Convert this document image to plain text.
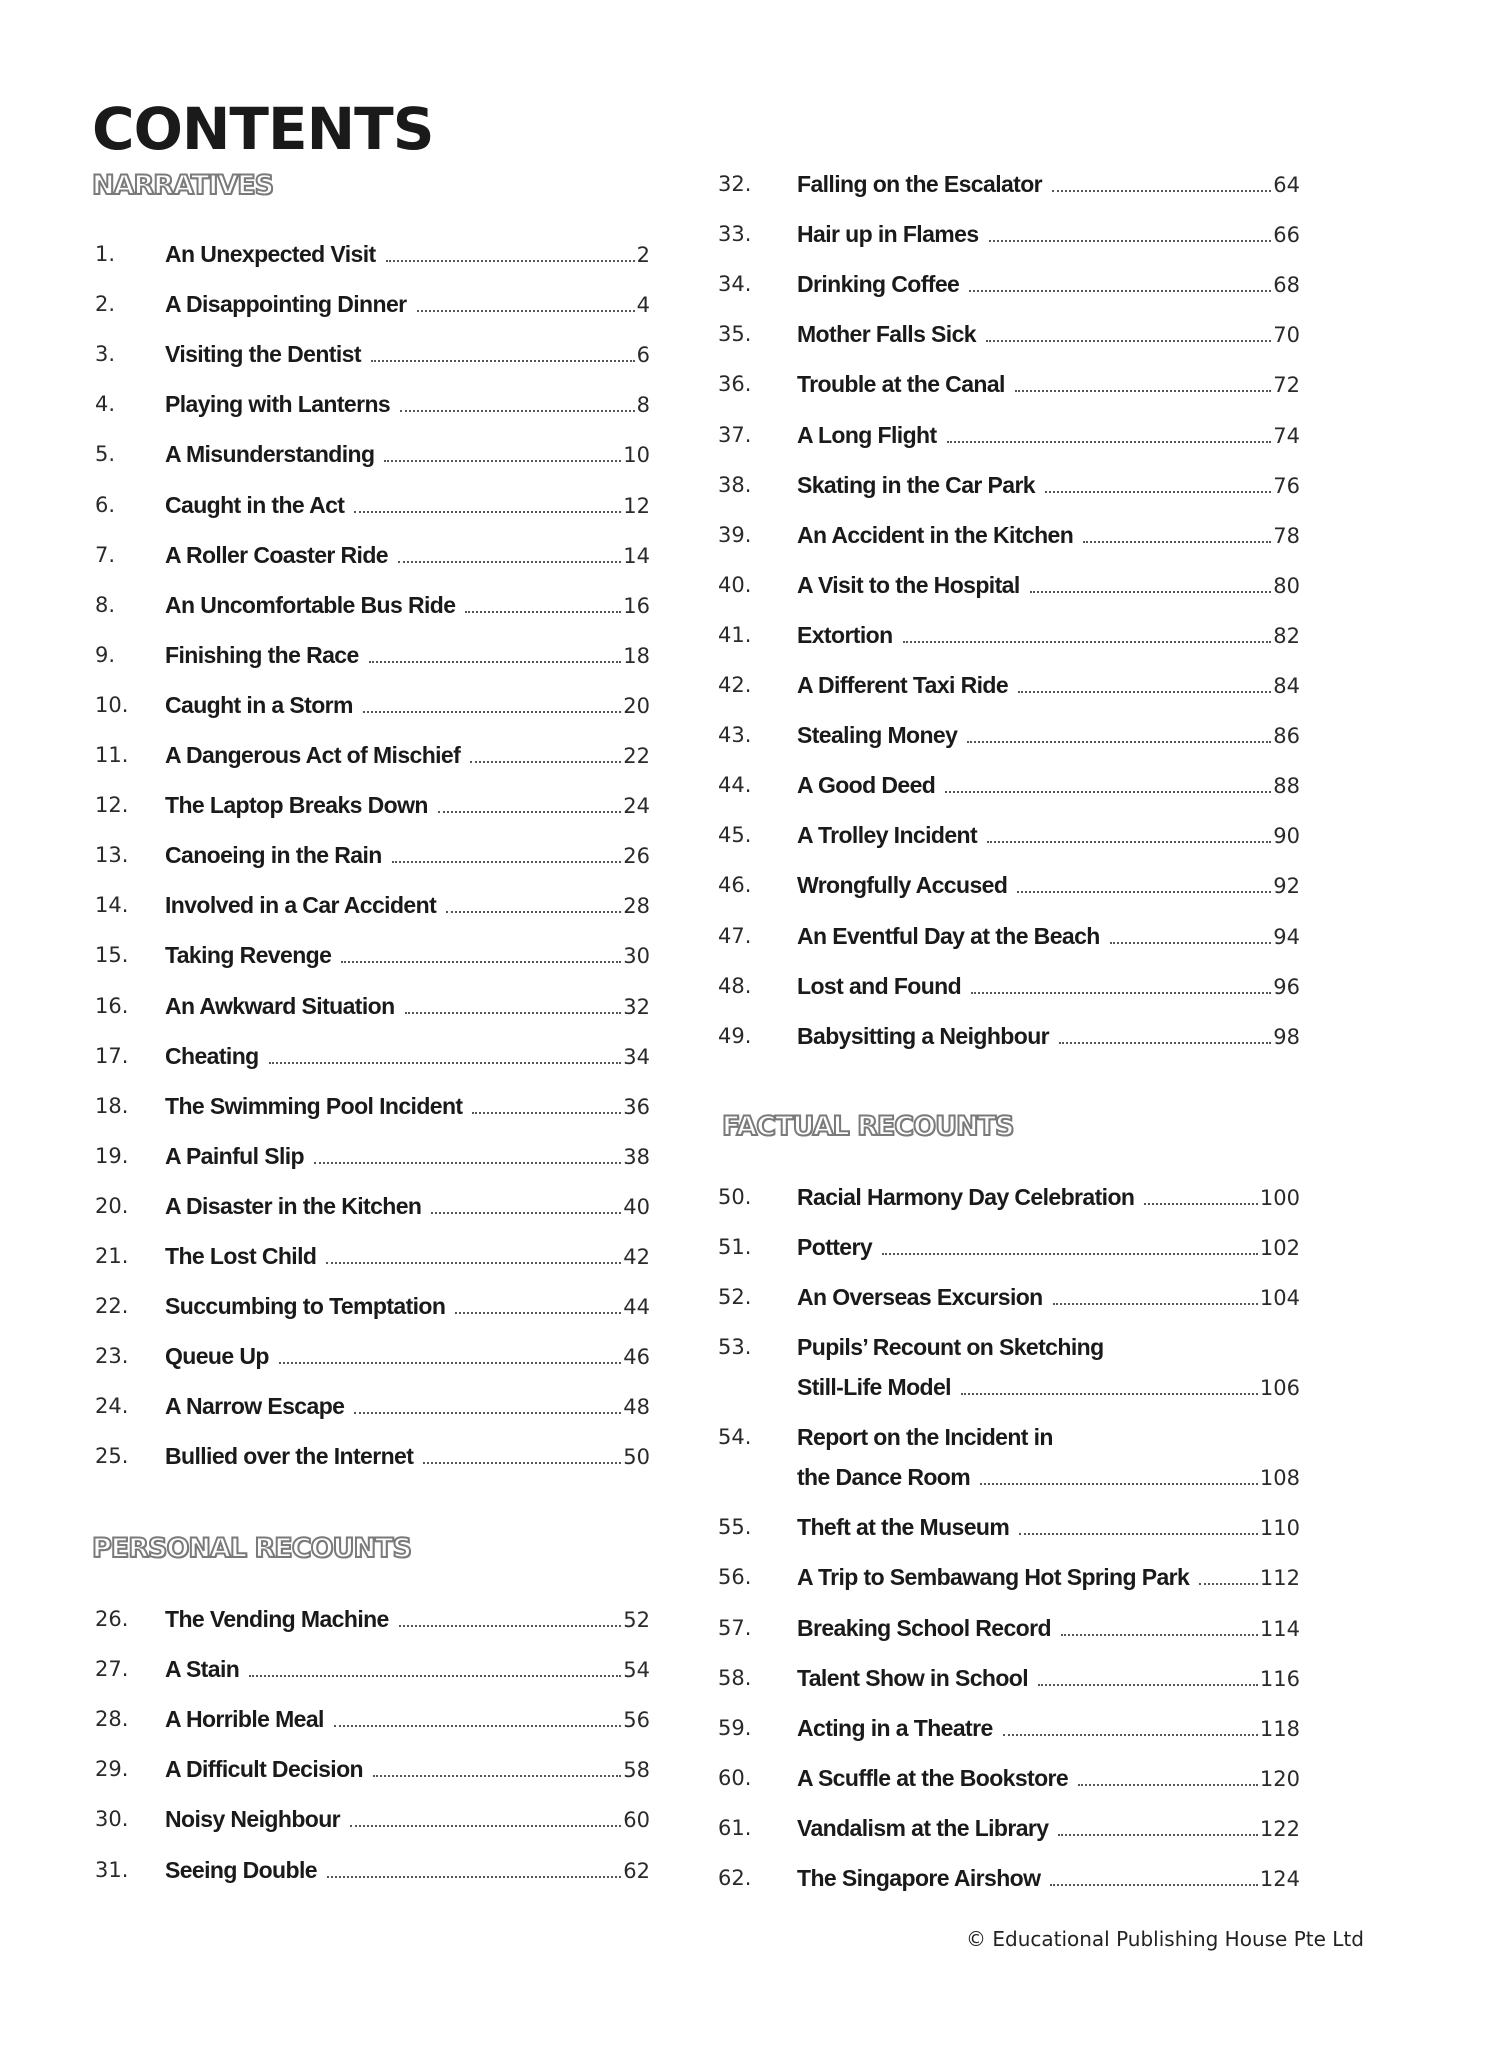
CONTENTS
NARRATIVES
PERSONAL RECOUNTS
FACTUAL RECOUNTS
1. An Unexpected Visit	2
2. A Disappointing Dinner	4
3. Visiting the Dentist	6
4. Playing with Lanterns	8
5. A Misunderstanding	10
6. Caught in the Act	12
7. A Roller Coaster Ride	14
8. An Uncomfortable Bus Ride	16
9. Finishing the Race	18
10. Caught in a Storm	20
11. A Dangerous Act of Mischief	22
12. The Laptop Breaks Down	24
13. Canoeing in the Rain	26
14. Involved in a Car Accident	28
15. Taking Revenge	30
16. An Awkward Situation	32
17. Cheating	34
18. The Swimming Pool Incident	36
19. A Painful Slip	38
20. A Disaster in the Kitchen	40
21. The Lost Child	42
22. Succumbing to Temptation	44
23. Queue Up	46
24. A Narrow Escape	48
25. Bullied over the Internet	50
26. The Vending Machine	52
27. A Stain	54
28. A Horrible Meal	56
29. A Difficult Decision	58
30. Noisy Neighbour	60
31. Seeing Double	62
32. Falling on the Escalator	64
33. Hair up in Flames	66
34. Drinking Coffee	68
35. Mother Falls Sick	70
36. Trouble at the Canal	72
37. A Long Flight	74
38. Skating in the Car Park	76
39. An Accident in the Kitchen	78
40. A Visit to the Hospital	80
41. Extortion	82
42. A Different Taxi Ride	84
43. Stealing Money	86
44. A Good Deed	88
45. A Trolley Incident	90
46. Wrongfully Accused	92
47. An Eventful Day at the Beach	94
48. Lost and Found	96
49. Babysitting a Neighbour	98
50. Racial Harmony Day Celebration	100
51. Pottery	102
52. An Overseas Excursion	104
53. Pupils’ Recount on Sketching
Still-Life Model	106
54. Report on the Incident in
the Dance Room	108
55. Theft at the Museum	110
56. A Trip to Sembawang Hot Spring Park	112
57. Breaking School Record	114
58. Talent Show in School	116
59. Acting in a Theatre	118
60. A Scuffle at the Bookstore	120
61. Vandalism at the Library	122
62. The Singapore Airshow	124
© Educational Publishing House Pte Ltd
